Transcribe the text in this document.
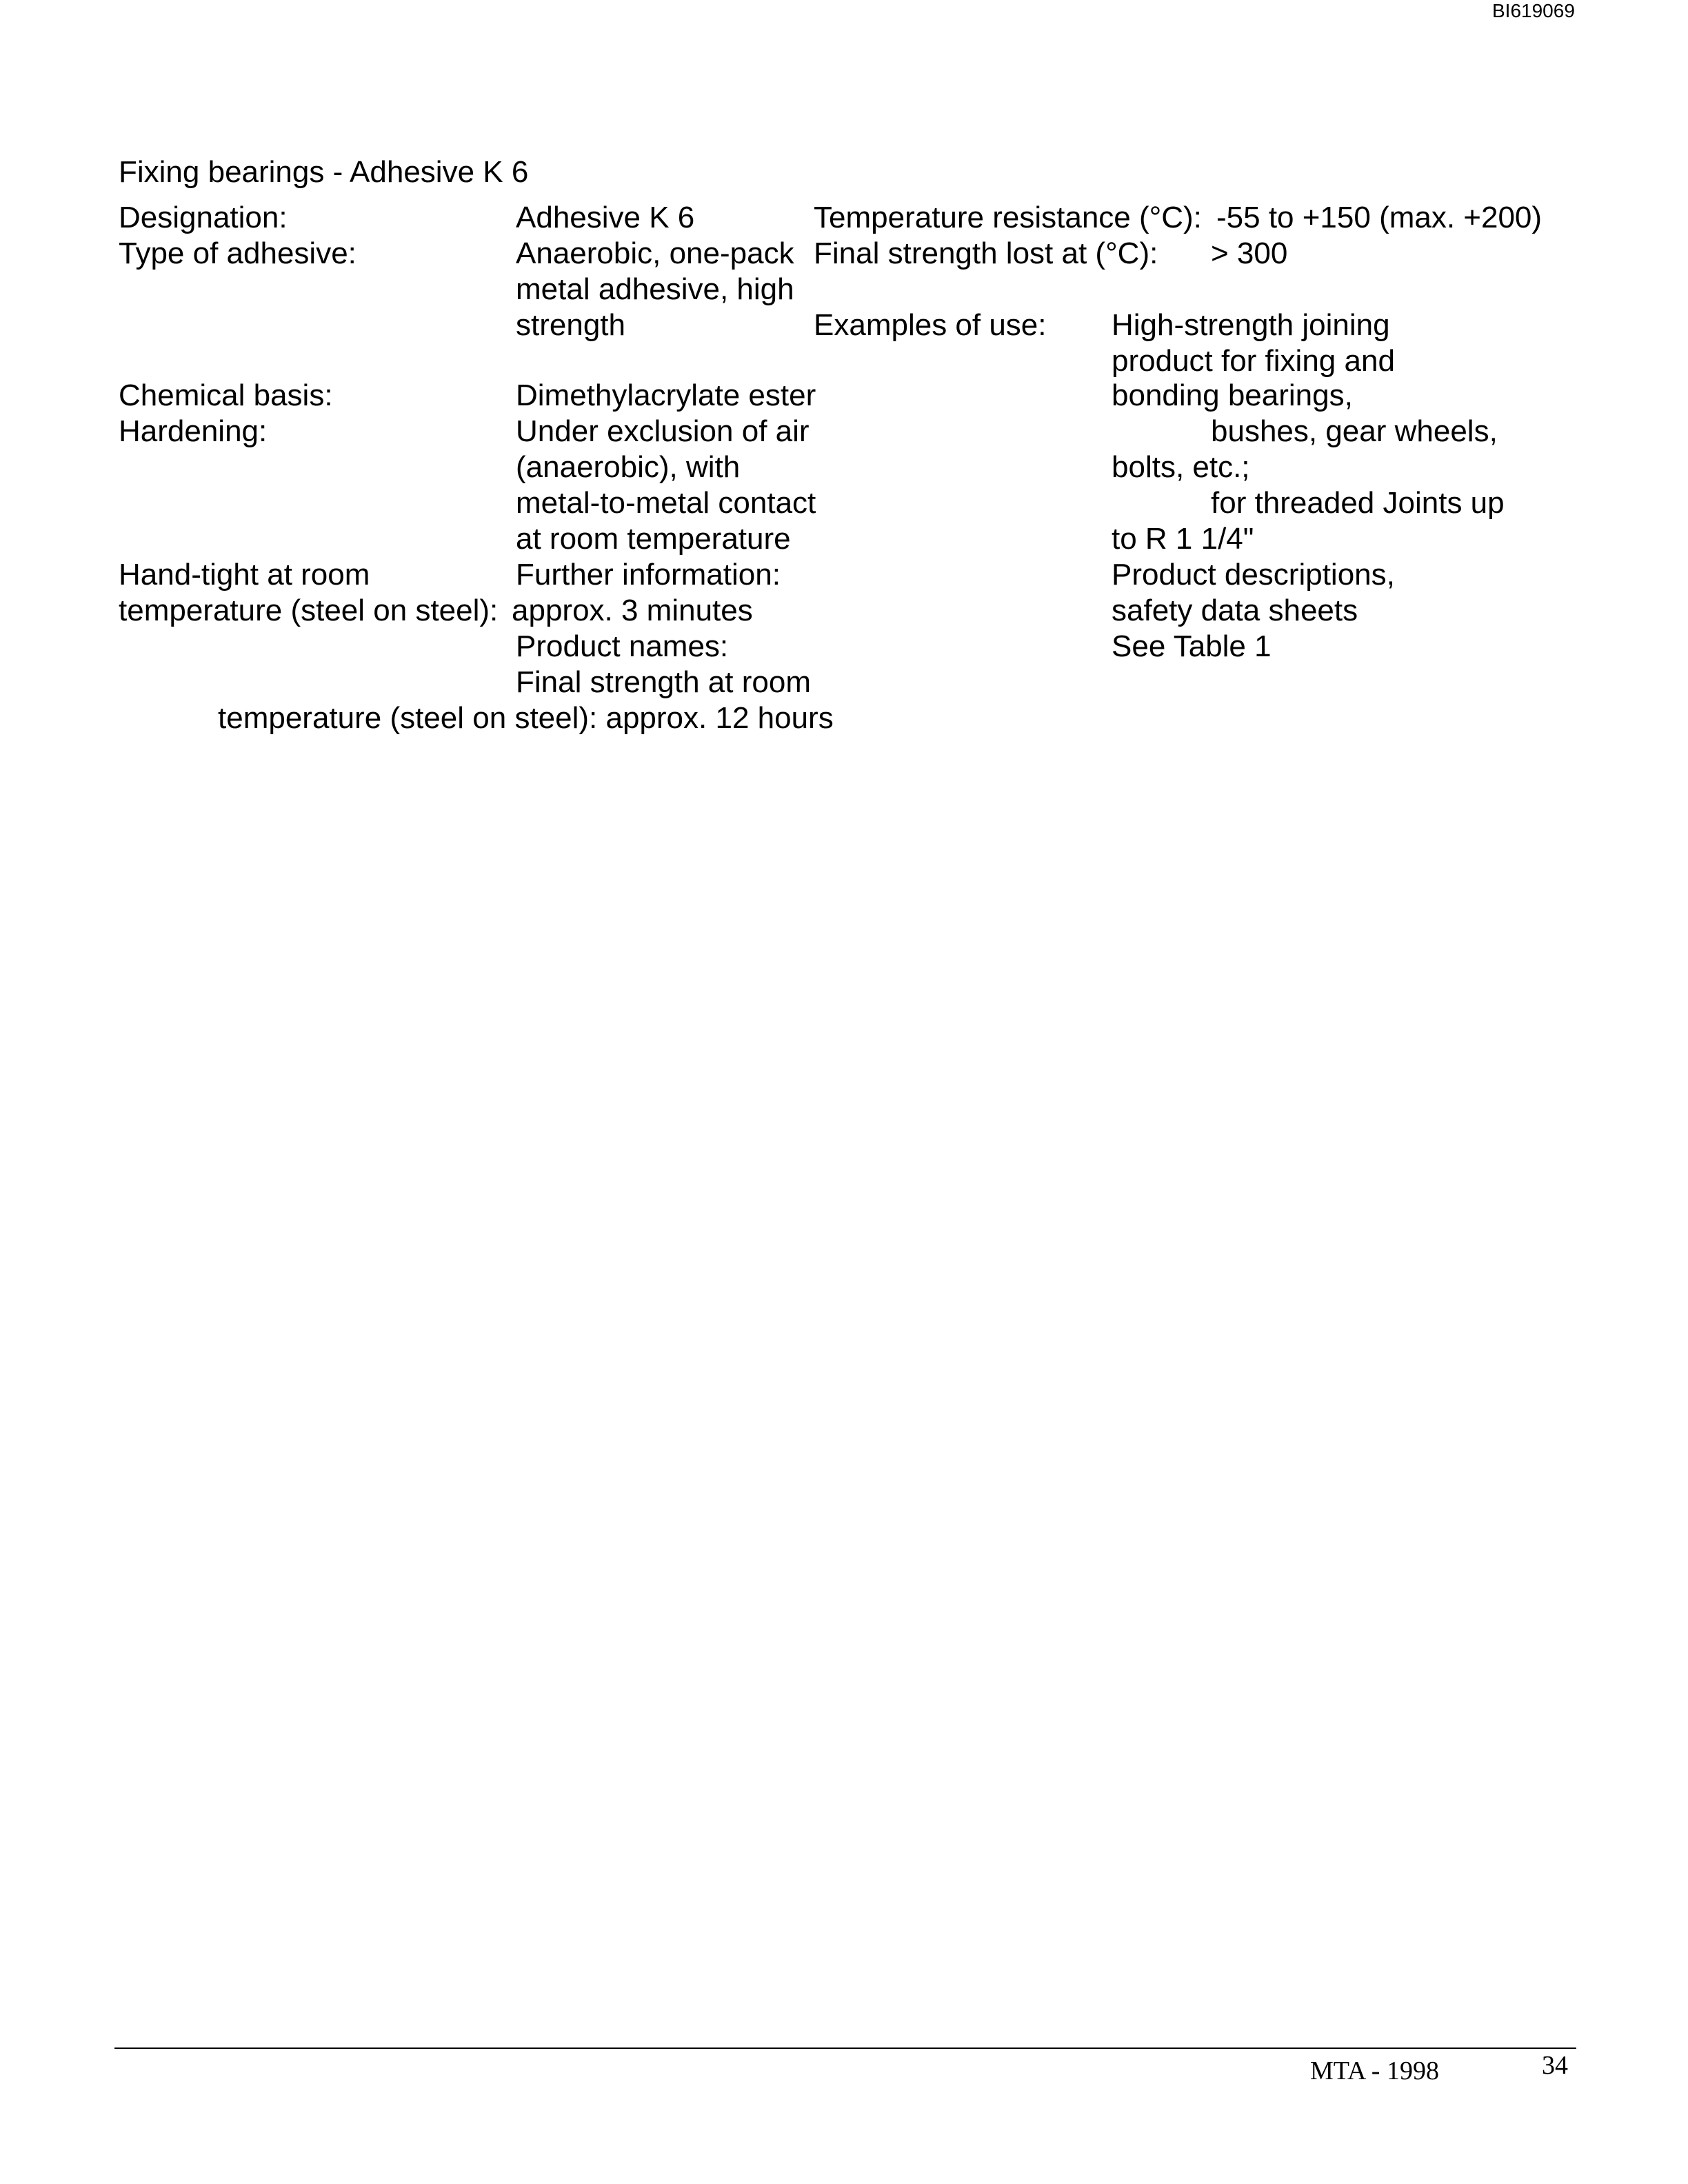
BI619069
Fixing bearings - Adhesive K 6
Designation:
Type of adhesive:
Chemical basis:
Hardening:
Hand-tight at room
temperature (steel on steel):
temperature (steel on steel): approx. 12 hours
Adhesive K 6
Anaerobic, one-pack
metal adhesive, high
strength
Dimethylacrylate ester
Under exclusion of air
(anaerobic), with
metal-to-metal contact
at room temperature
Further information:
approx. 3 minutes
Product names:
Final strength at room
Temperature resistance (°C): -55 to +150 (max. +200)
Final strength lost at (°C): > 300
Examples of use: High-strength joining
product for fixing and
bonding bearings,
bushes, gear wheels,
bolts, etc.;
for threaded Joints up
to R 1 1/4"
Product descriptions,
safety data sheets
See Table 1
MTA - 1998	34
